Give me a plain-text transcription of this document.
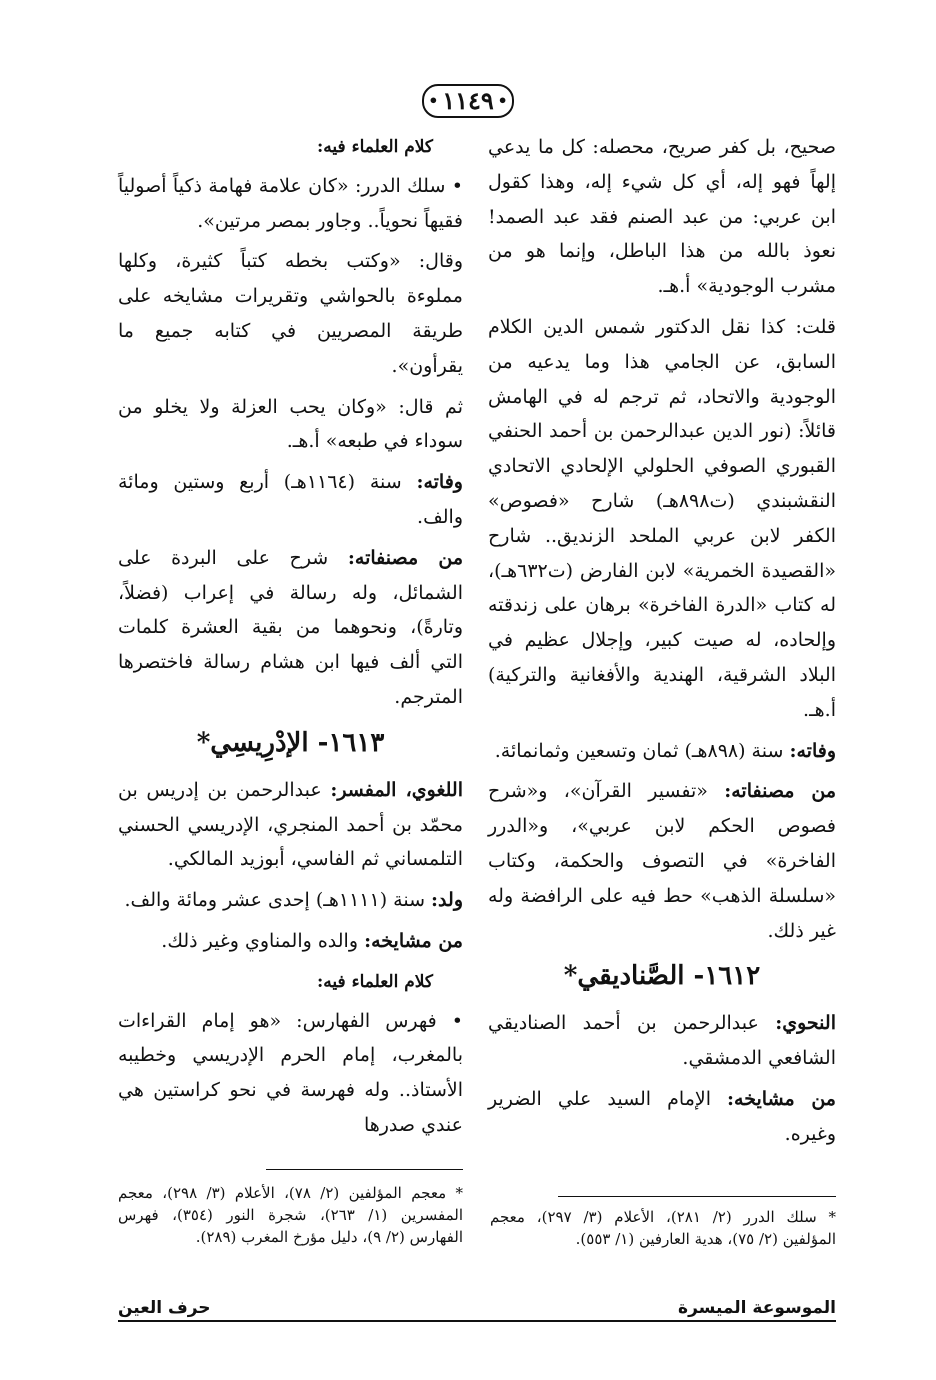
• ١١٤٩ •

صحيح، بل كفر صريح، محصله: كل ما يدعي إلهاً فهو إله، أي كل شيء إله، وهذا كقول ابن عربي: من عبد الصنم فقد عبد الصمد! نعوذ بالله من هذا الباطل، وإنما هو من مشرب الوجودية» أ.هـ.

قلت: كذا نقل الدكتور شمس الدين الكلام السابق، عن الجامي هذا وما يدعيه من الوجودية والاتحاد، ثم ترجم له في الهامش قائلاً: (نور الدين عبدالرحمن بن أحمد الحنفي القبوري الصوفي الحلولي الإلحادي الاتحادي النقشبندي (ت٨٩٨هـ) شارح «فصوص» الكفر لابن عربي الملحد الزنديق.. شارح «القصيدة الخمرية» لابن الفارض (ت٦٣٢هـ)، له كتاب «الدرة الفاخرة» برهان على زندقته وإلحاده، له صيت كبير، وإجلال عظيم في البلاد الشرقية، الهندية والأفغانية والتركية) أ.هـ.

وفاته: سنة (٨٩٨هـ) ثمان وتسعين وثمانمائة.

من مصنفاته: «تفسير القرآن»، و«شرح فصوص الحكم لابن عربي»، و«الدرر الفاخرة» في التصوف والحكمة، وكتاب «سلسلة الذهب» حط فيه على الرافضة وله غير ذلك.

١٦١٢- الصَّناديقي*

النحوي: عبدالرحمن بن أحمد الصناديقي الشافعي الدمشقي.

من مشايخه: الإمام السيد علي الضرير وغيره.

كلام العلماء فيه:

• سلك الدرر: «كان علامة فهامة ذكياً أصولياً فقيهاً نحوياً.. وجاور بمصر مرتين».

وقال: «وكتب بخطه كتباً كثيرة، وكلها مملوءة بالحواشي وتقريرات مشايخه على طريقة المصريين في كتابه جميع ما يقرأون».

ثم قال: «وكان يحب العزلة ولا يخلو من سوداء في طبعه» أ.هـ.

وفاته: سنة (١١٦٤هـ) أربع وستين ومائة والف.

من مصنفاته: شرح على البردة على الشمائل، وله رسالة في إعراب (فضلاً، وتارةً)، ونحوهما من بقية العشرة كلمات التي ألف فيها ابن هشام رسالة فاختصرها المترجم.

١٦١٣- الإدْرِيسِي*

اللغوي، المفسر: عبدالرحمن بن إدريس بن محمّد بن أحمد المنجري، الإدريسي الحسني التلمساني ثم الفاسي، أبوزيد المالكي.

ولد: سنة (١١١١هـ) إحدى عشر ومائة والف.

من مشايخه: والده والمناوي وغير ذلك.

كلام العلماء فيه:

• فهرس الفهارس: «هو إمام القراءات بالمغرب، إمام الحرم الإدريسي وخطيبه الأستاذ.. وله فهرسة في نحو كراستين هي عندي صدرها

* سلك الدرر (٢/ ٢٨١)، الأعلام (٣/ ٢٩٧)، معجم المؤلفين (٢/ ٧٥)، هدية العارفين (١/ ٥٥٣).
* معجم المؤلفين (٢/ ٧٨)، الأعلام (٣/ ٢٩٨)، معجم المفسرين (١/ ٢٦٣)، شجرة النور (٣٥٤)، فهرس الفهارس (٢/ ٩)، دليل مؤرخ المغرب (٢٨٩).
الموسوعة الميسرة
حرف العين
